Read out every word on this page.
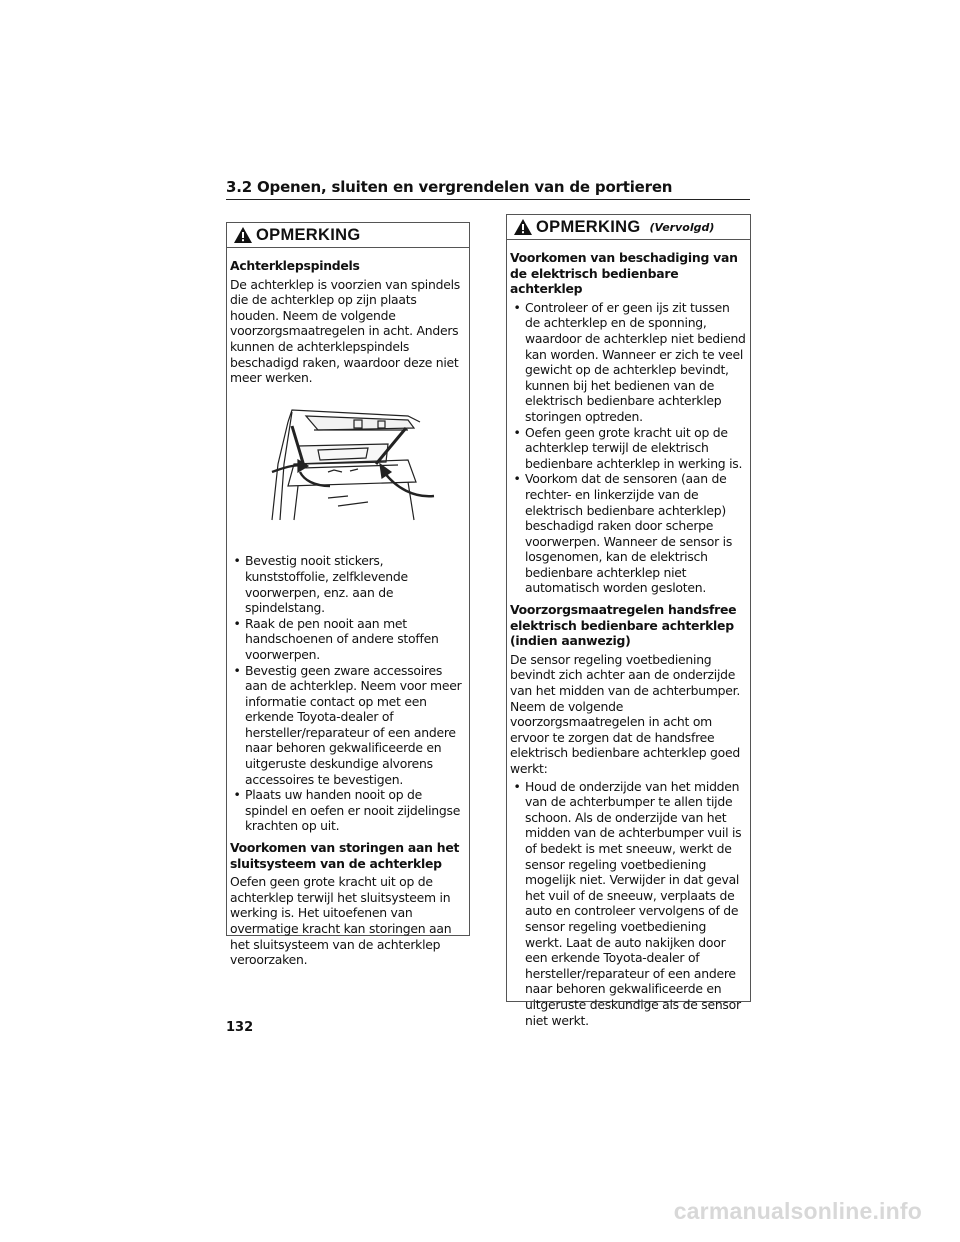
3.2 Openen, sluiten en vergrendelen van de portieren
OPMERKING
Achterklepspindels
De achterklep is voorzien van spindels die de achterklep op zijn plaats houden. Neem de volgende voorzorgsmaatregelen in acht. Anders kunnen de achterklepspindels beschadigd raken, waardoor deze niet meer werken.
• Bevestig nooit stickers, kunststoffolie, zelfklevende voorwerpen, enz. aan de spindelstang.
• Raak de pen nooit aan met handschoenen of andere stoffen voorwerpen.
• Bevestig geen zware accessoires aan de achterklep. Neem voor meer informatie contact op met een erkende Toyota-dealer of hersteller/reparateur of een andere naar behoren gekwalificeerde en uitgeruste deskundige alvorens accessoires te bevestigen.
• Plaats uw handen nooit op de spindel en oefen er nooit zijdelingse krachten op uit.
Voorkomen van storingen aan het sluitsysteem van de achterklep
Oefen geen grote kracht uit op de achterklep terwijl het sluitsysteem in werking is. Het uitoefenen van overmatige kracht kan storingen aan het sluitsysteem van de achterklep veroorzaken.
OPMERKING (Vervolgd)
Voorkomen van beschadiging van de elektrisch bedienbare achterklep
• Controleer of er geen ijs zit tussen de achterklep en de sponning, waardoor de achterklep niet bediend kan worden. Wanneer er zich te veel gewicht op de achterklep bevindt, kunnen bij het bedienen van de elektrisch bedienbare achterklep storingen optreden.
• Oefen geen grote kracht uit op de achterklep terwijl de elektrisch bedienbare achterklep in werking is.
• Voorkom dat de sensoren (aan de rechter- en linkerzijde van de elektrisch bedienbare achterklep) beschadigd raken door scherpe voorwerpen. Wanneer de sensor is losgenomen, kan de elektrisch bedienbare achterklep niet automatisch worden gesloten.
Voorzorgsmaatregelen handsfree elektrisch bedienbare achterklep (indien aanwezig)
De sensor regeling voetbediening bevindt zich achter aan de onderzijde van het midden van de achterbumper. Neem de volgende voorzorgsmaatregelen in acht om ervoor te zorgen dat de handsfree elektrisch bedienbare achterklep goed werkt:
• Houd de onderzijde van het midden van de achterbumper te allen tijde schoon. Als de onderzijde van het midden van de achterbumper vuil is of bedekt is met sneeuw, werkt de sensor regeling voetbediening mogelijk niet. Verwijder in dat geval het vuil of de sneeuw, verplaats de auto en controleer vervolgens of de sensor regeling voetbediening werkt. Laat de auto nakijken door een erkende Toyota-dealer of hersteller/reparateur of een andere naar behoren gekwalificeerde en uitgeruste deskundige als de sensor niet werkt.
132
carmanualsonline.info
